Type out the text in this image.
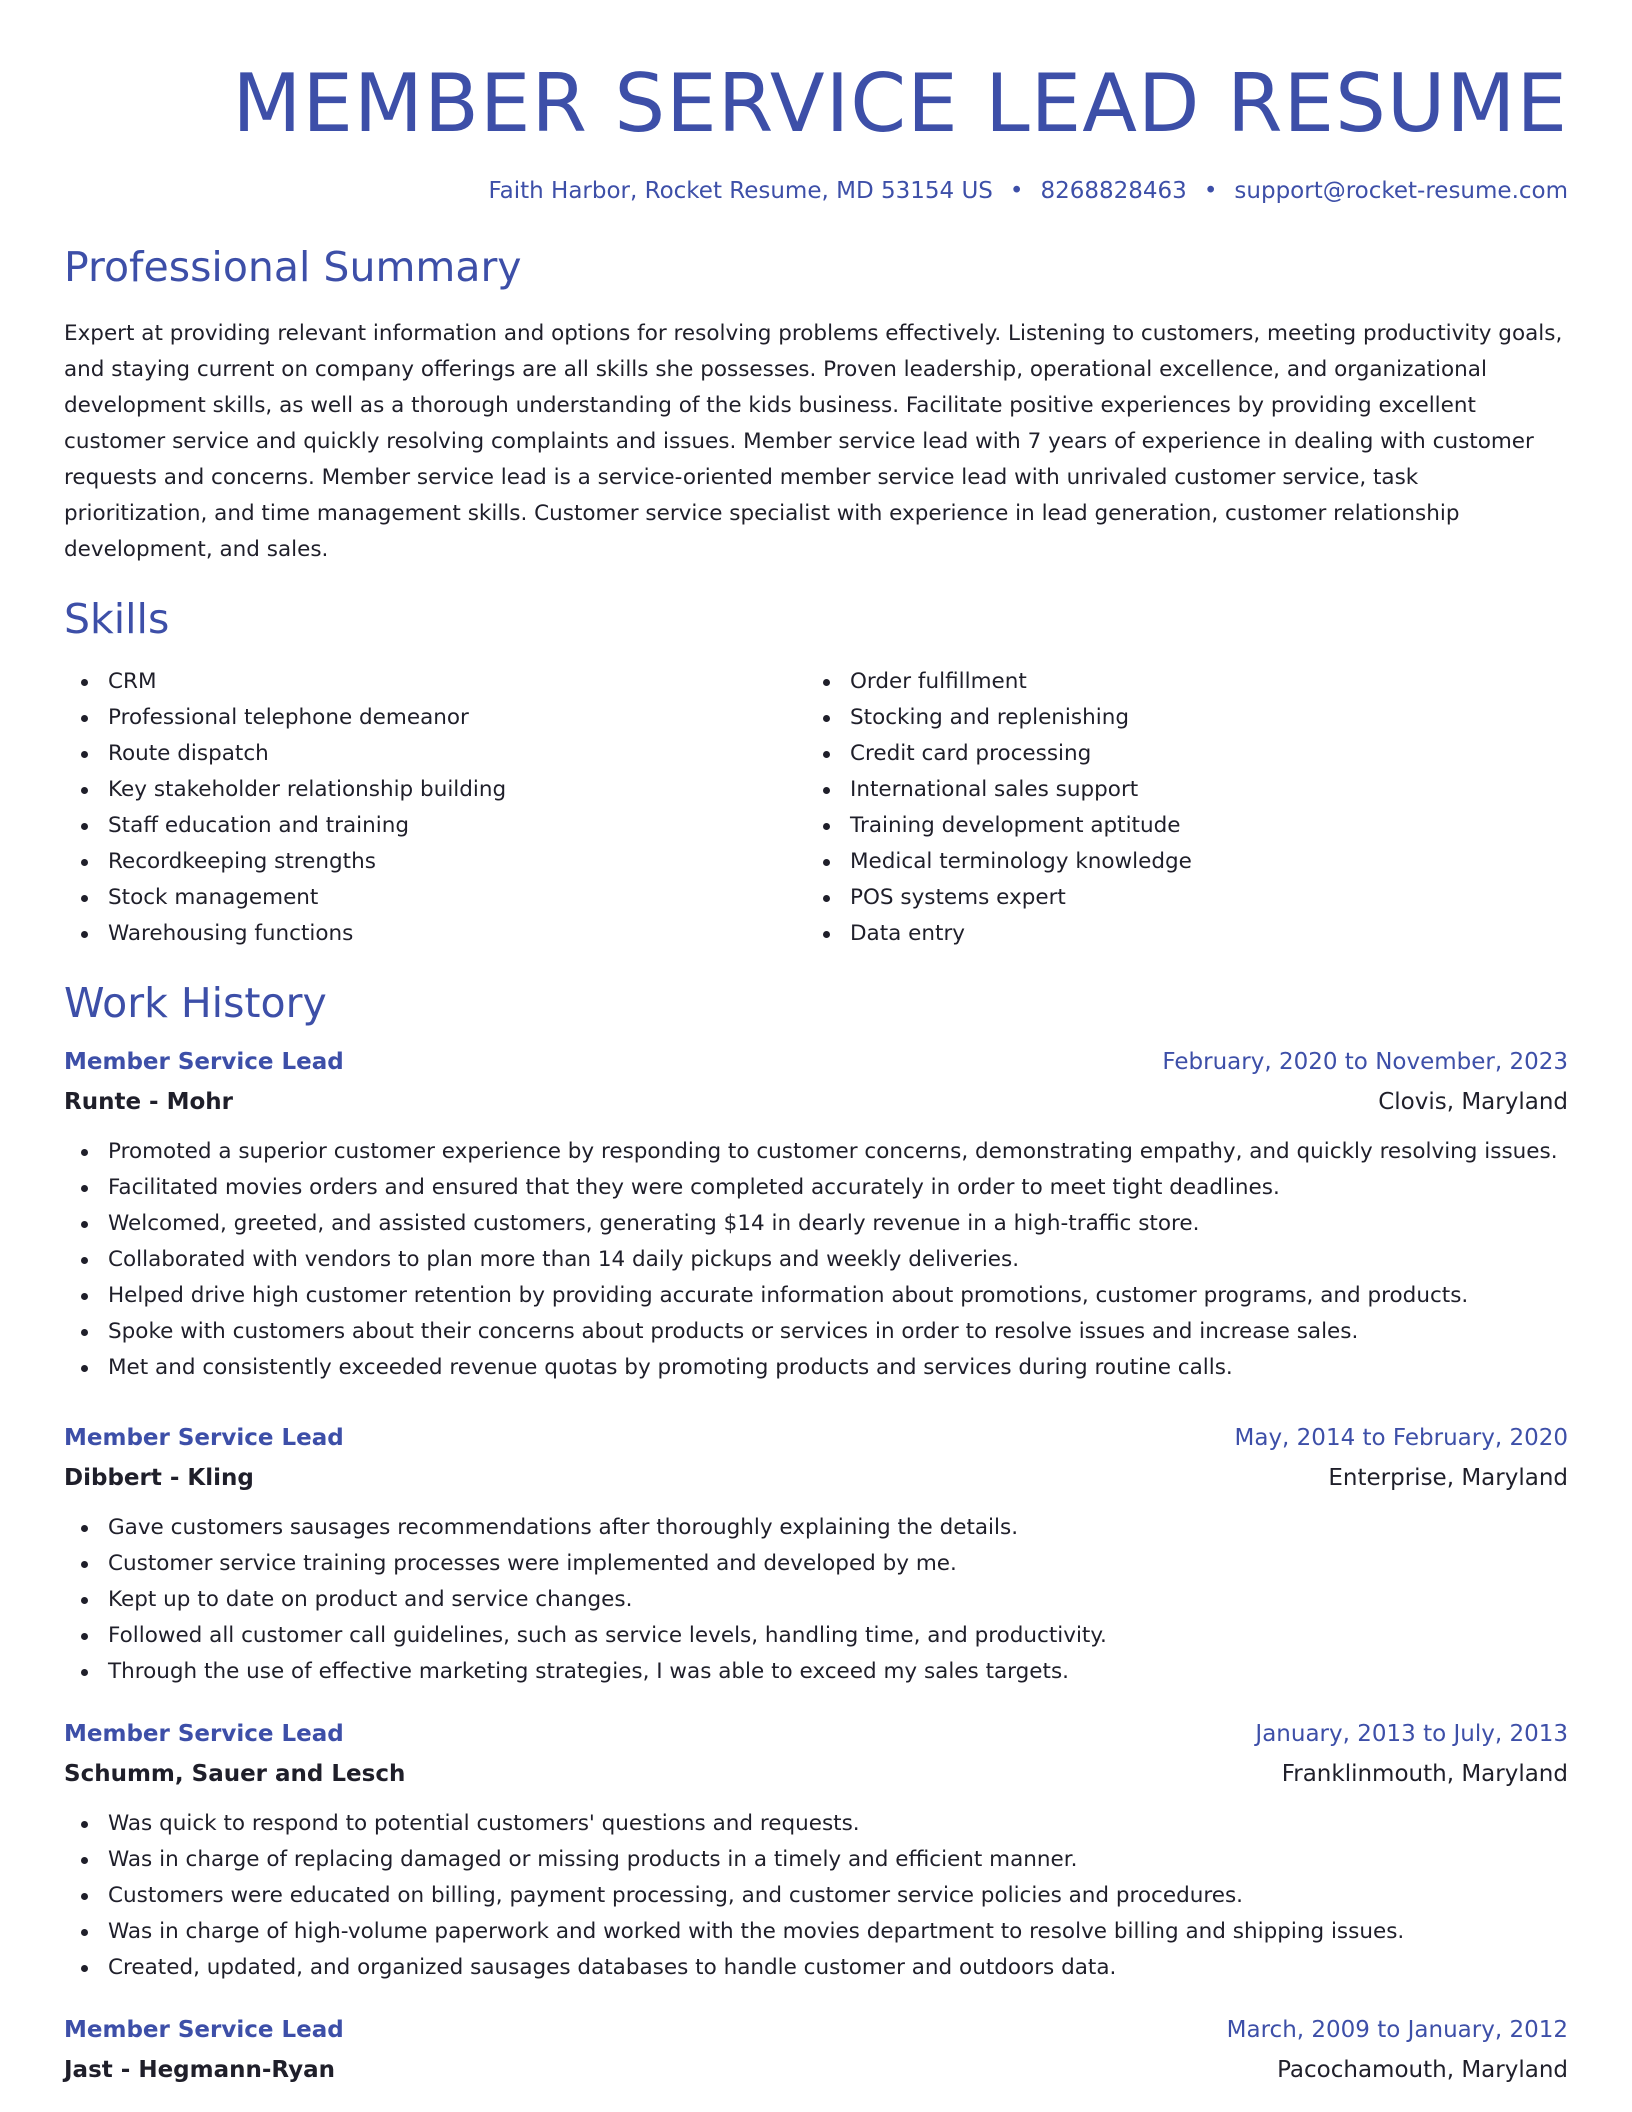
MEMBER SERVICE LEAD RESUME
Faith Harbor, Rocket Resume, MD 53154 US • 8268828463 • support@rocket-resume.com
Professional Summary

Expert at providing relevant information and options for resolving problems effectively. Listening to customers, meeting productivity goals, and staying current on company offerings are all skills she possesses. Proven leadership, operational excellence, and organizational development skills, as well as a thorough understanding of the kids business. Facilitate positive experiences by providing excellent customer service and quickly resolving complaints and issues. Member service lead with 7 years of experience in dealing with customer requests and concerns. Member service lead is a service-oriented member service lead with unrivaled customer service, task prioritization, and time management skills. Customer service specialist with experience in lead generation, customer relationship development, and sales.

Skills
CRM
Professional telephone demeanor
Route dispatch
Key stakeholder relationship building
Staff education and training
Recordkeeping strengths
Stock management
Warehousing functions
Order fulfillment
Stocking and replenishing
Credit card processing
International sales support
Training development aptitude
Medical terminology knowledge
POS systems expert
Data entry
Work History
Member Service Lead	February, 2020 to November, 2023
Runte - Mohr	Clovis, Maryland
Promoted a superior customer experience by responding to customer concerns, demonstrating empathy, and quickly resolving issues.
Facilitated movies orders and ensured that they were completed accurately in order to meet tight deadlines.
Welcomed, greeted, and assisted customers, generating $14 in dearly revenue in a high-traffic store.
Collaborated with vendors to plan more than 14 daily pickups and weekly deliveries.
Helped drive high customer retention by providing accurate information about promotions, customer programs, and products.
Spoke with customers about their concerns about products or services in order to resolve issues and increase sales.
Met and consistently exceeded revenue quotas by promoting products and services during routine calls.
Member Service Lead	May, 2014 to February, 2020
Dibbert - Kling	Enterprise, Maryland
Gave customers sausages recommendations after thoroughly explaining the details.
Customer service training processes were implemented and developed by me.
Kept up to date on product and service changes.
Followed all customer call guidelines, such as service levels, handling time, and productivity.
Through the use of effective marketing strategies, I was able to exceed my sales targets.
Member Service Lead	January, 2013 to July, 2013
Schumm, Sauer and Lesch	Franklinmouth, Maryland
Was quick to respond to potential customers' questions and requests.
Was in charge of replacing damaged or missing products in a timely and efficient manner.
Customers were educated on billing, payment processing, and customer service policies and procedures.
Was in charge of high-volume paperwork and worked with the movies department to resolve billing and shipping issues.
Created, updated, and organized sausages databases to handle customer and outdoors data.
Member Service Lead	March, 2009 to January, 2012
Jast - Hegmann-Ryan	Pacochamouth, Maryland
